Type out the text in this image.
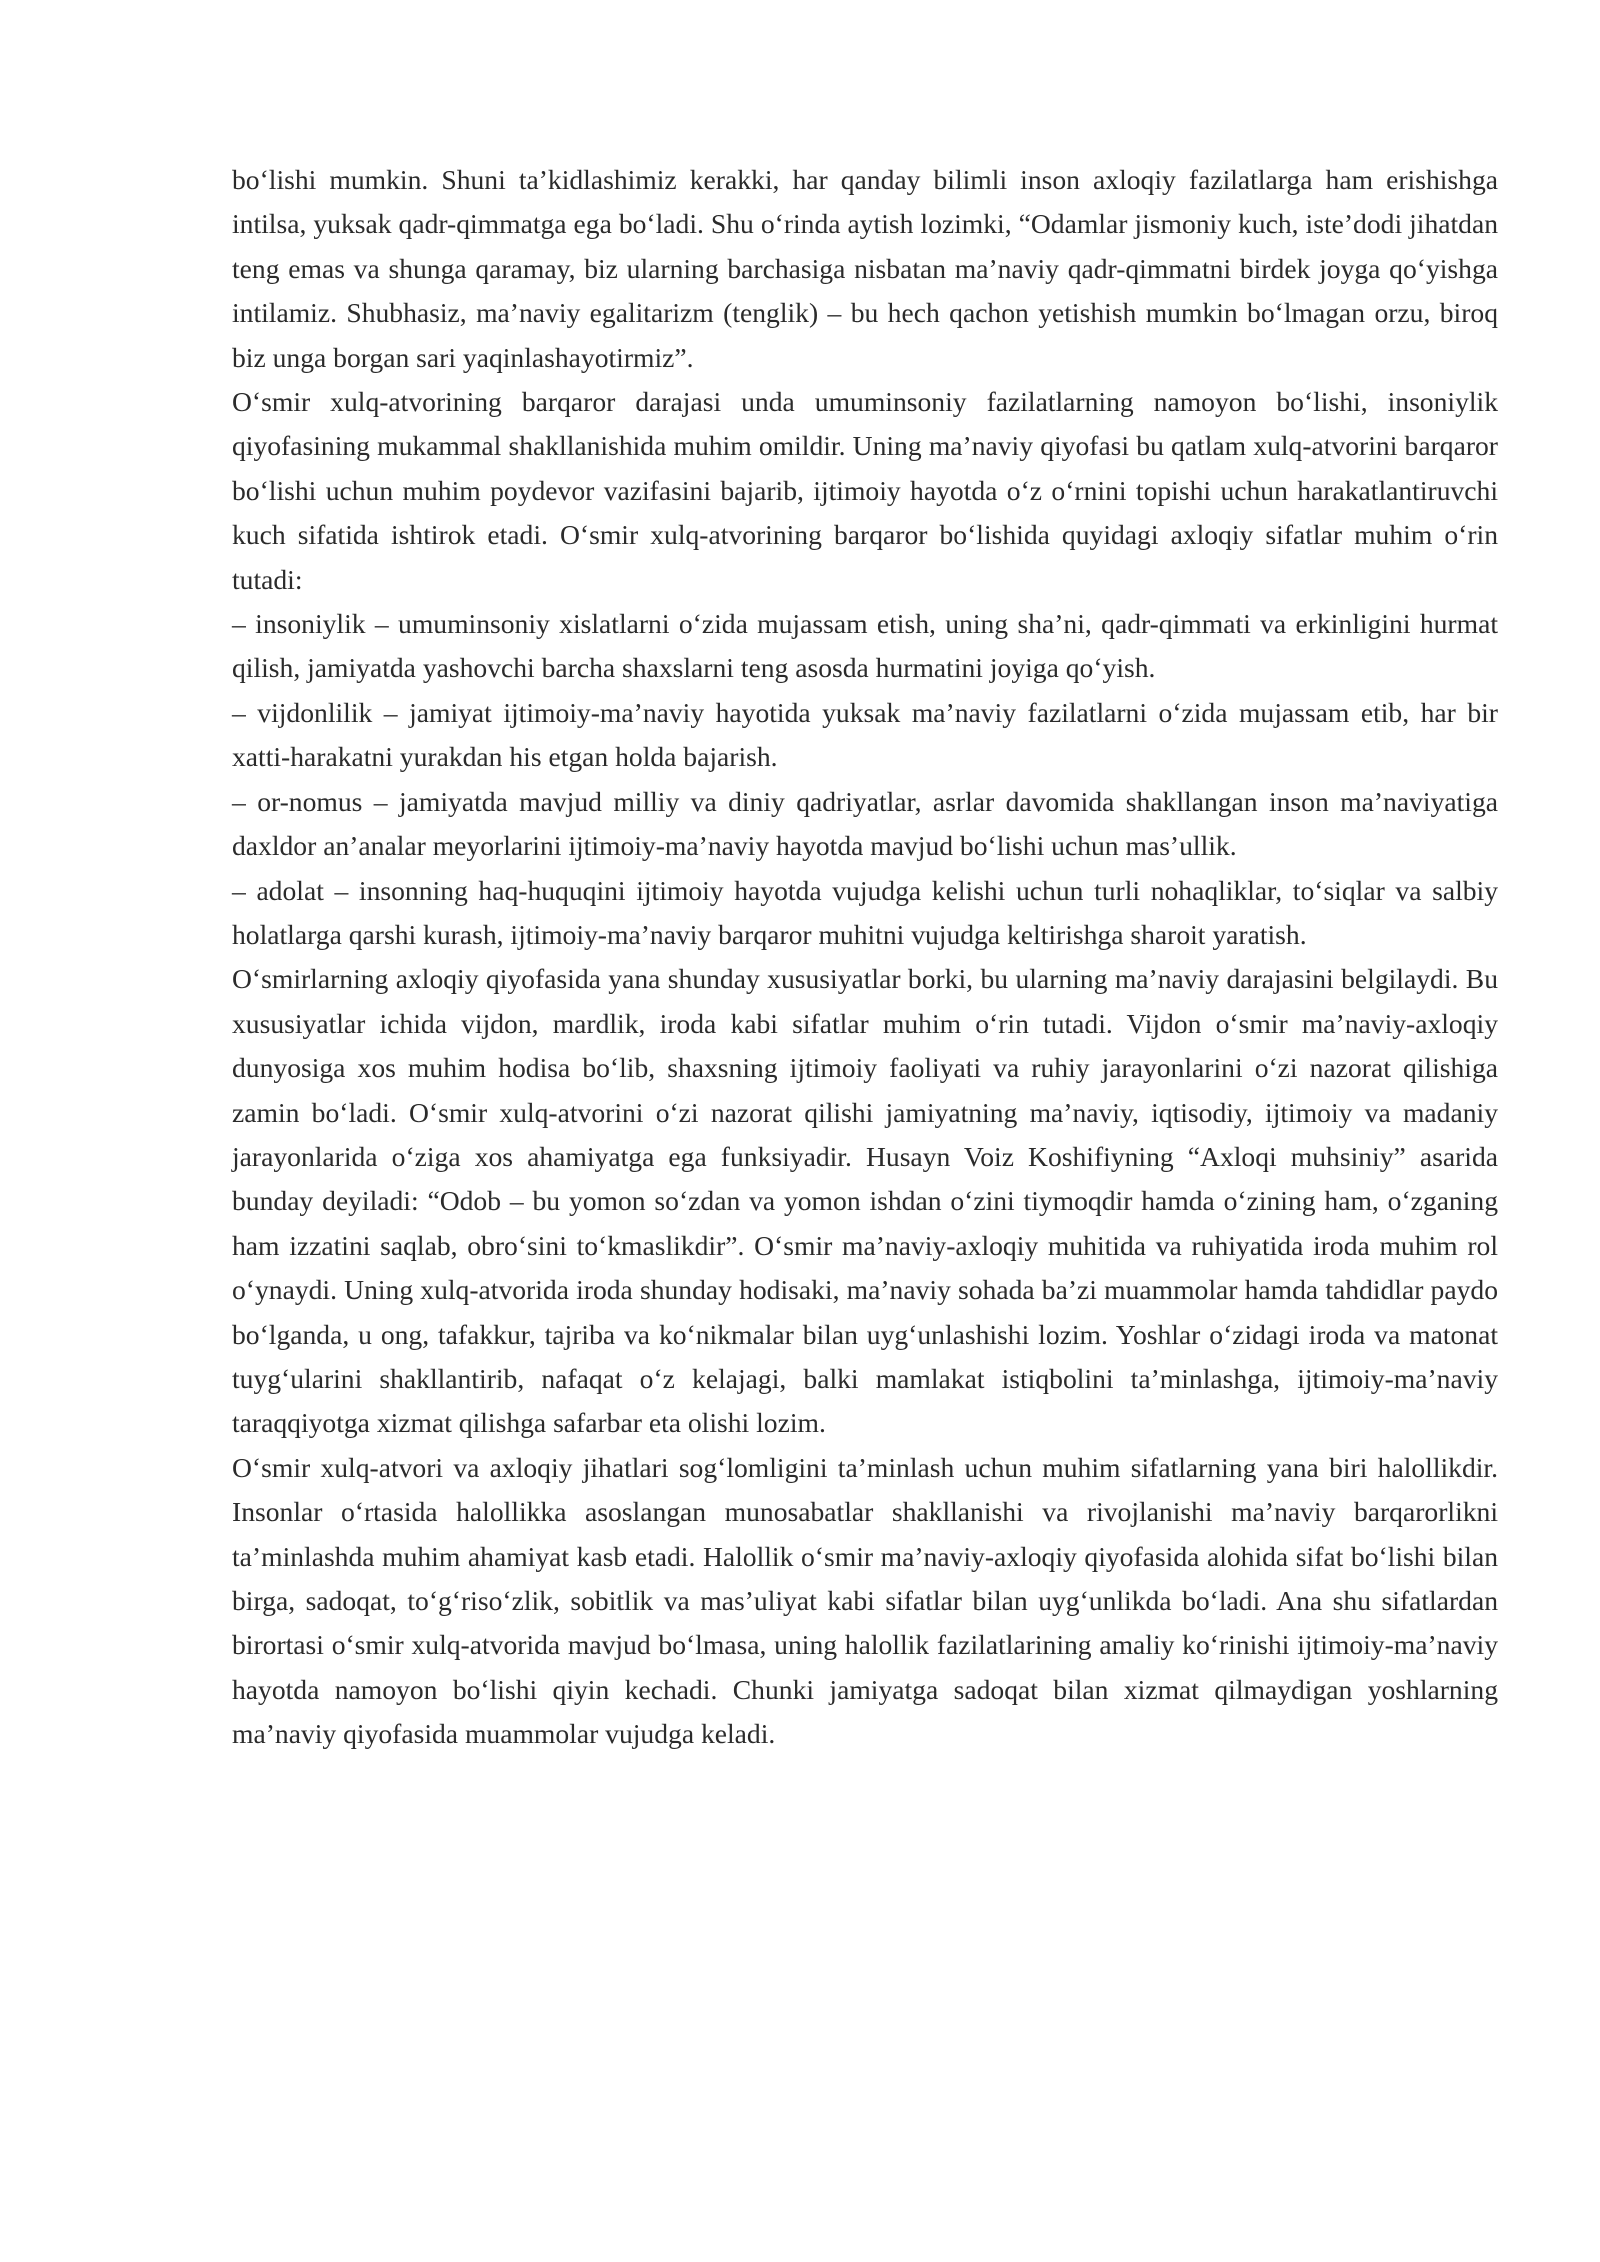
bo‘lishi mumkin. Shuni ta’kidlashimiz kerakki, har qanday bilimli inson axloqiy fazilatlarga ham erishishga intilsa, yuksak qadr-qimmatga ega bo‘ladi. Shu o‘rinda aytish lozimki, “Odamlar jismoniy kuch, iste’dodi jihatdan teng emas va shunga qaramay, biz ularning barchasiga nisbatan ma’naviy qadr-qimmatni birdek joyga qo‘yishga intilamiz. Shubhasiz, ma’naviy egalitarizm (tenglik) – bu hech qachon yetishish mumkin bo‘lmagan orzu, biroq biz unga borgan sari yaqinlashayotirmiz”.

O‘smir xulq-atvorining barqaror darajasi unda umuminsoniy fazilatlarning namoyon bo‘lishi, insoniylik qiyofasining mukammal shakllanishida muhim omildir. Uning ma’naviy qiyofasi bu qatlam xulq-atvorini barqaror bo‘lishi uchun muhim poydevor vazifasini bajarib, ijtimoiy hayotda o‘z o‘rnini topishi uchun harakatlantiruvchi kuch sifatida ishtirok etadi. O‘smir xulq-atvorining barqaror bo‘lishida quyidagi axloqiy sifatlar muhim o‘rin tutadi:

– insoniylik – umuminsoniy xislatlarni o‘zida mujassam etish, uning sha’ni, qadr-qimmati va erkinligini hurmat qilish, jamiyatda yashovchi barcha shaxslarni teng asosda hurmatini joyiga qo‘yish.

– vijdonlilik – jamiyat ijtimoiy-ma’naviy hayotida yuksak ma’naviy fazilatlarni o‘zida mujassam etib, har bir xatti-harakatni yurakdan his etgan holda bajarish.

– or-nomus – jamiyatda mavjud milliy va diniy qadriyatlar, asrlar davomida shakllangan inson ma’naviyatiga daxldor an’analar meyorlarini ijtimoiy-ma’naviy hayotda mavjud bo‘lishi uchun mas’ullik.

– adolat – insonning haq-huquqini ijtimoiy hayotda vujudga kelishi uchun turli nohaqliklar, to‘siqlar va salbiy holatlarga qarshi kurash, ijtimoiy-ma’naviy barqaror muhitni vujudga keltirishga sharoit yaratish.

O‘smirlarning axloqiy qiyofasida yana shunday xususiyatlar borki, bu ularning ma’naviy darajasini belgilaydi. Bu xususiyatlar ichida vijdon, mardlik, iroda kabi sifatlar muhim o‘rin tutadi. Vijdon o‘smir ma’naviy-axloqiy dunyosiga xos muhim hodisa bo‘lib, shaxsning ijtimoiy faoliyati va ruhiy jarayonlarini o‘zi nazorat qilishiga zamin bo‘ladi. O‘smir xulq-atvorini o‘zi nazorat qilishi jamiyatning ma’naviy, iqtisodiy, ijtimoiy va madaniy jarayonlarida o‘ziga xos ahamiyatga ega funksiyadir. Husayn Voiz Koshifiyning “Axloqi muhsiniy” asarida bunday deyiladi: “Odob – bu yomon so‘zdan va yomon ishdan o‘zini tiymoqdir hamda o‘zining ham, o‘zganing ham izzatini saqlab, obro‘sini to‘kmaslikdir”. O‘smir ma’naviy-axloqiy muhitida va ruhiyatida iroda muhim rol o‘ynaydi. Uning xulq-atvorida iroda shunday hodisaki, ma’naviy sohada ba’zi muammolar hamda tahdidlar paydo bo‘lganda, u ong, tafakkur, tajriba va ko‘nikmalar bilan uyg‘unlashishi lozim. Yoshlar o‘zidagi iroda va matonat tuyg‘ularini shakllantirib, nafaqat o‘z kelajagi, balki mamlakat istiqbolini ta’minlashga, ijtimoiy-ma’naviy taraqqiyotga xizmat qilishga safarbar eta olishi lozim.

O‘smir xulq-atvori va axloqiy jihatlari sog‘lomligini ta’minlash uchun muhim sifatlarning yana biri halollikdir. Insonlar o‘rtasida halollikka asoslangan munosabatlar shakllanishi va rivojlanishi ma’naviy barqarorlikni ta’minlashda muhim ahamiyat kasb etadi. Halollik o‘smir ma’naviy-axloqiy qiyofasida alohida sifat bo‘lishi bilan birga, sadoqat, to‘g‘riso‘zlik, sobitlik va mas’uliyat kabi sifatlar bilan uyg‘unlikda bo‘ladi. Ana shu sifatlardan birortasi o‘smir xulq-atvorida mavjud bo‘lmasa, uning halollik fazilatlarining amaliy ko‘rinishi ijtimoiy-ma’naviy hayotda namoyon bo‘lishi qiyin kechadi. Chunki jamiyatga sadoqat bilan xizmat qilmaydigan yoshlarning ma’naviy qiyofasida muammolar vujudga keladi.
